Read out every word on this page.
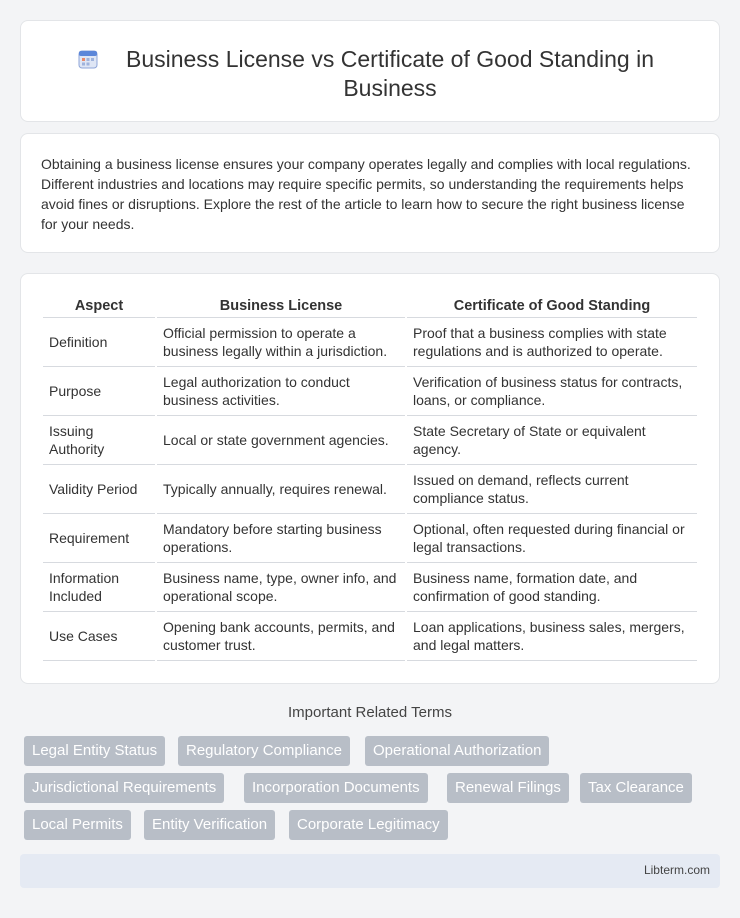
Business License vs Certificate of Good Standing in Business

Obtaining a business license ensures your company operates legally and complies with local regulations. Different industries and locations may require specific permits, so understanding the requirements helps avoid fines or disruptions. Explore the rest of the article to learn how to secure the right business license for your needs.

Aspect	Business License	Certificate of Good Standing
Definition	Official permission to operate a business legally within a jurisdiction.	Proof that a business complies with state regulations and is authorized to operate.
Purpose	Legal authorization to conduct business activities.	Verification of business status for contracts, loans, or compliance.
Issuing Authority	Local or state government agencies.	State Secretary of State or equivalent agency.
Validity Period	Typically annually, requires renewal.	Issued on demand, reflects current compliance status.
Requirement	Mandatory before starting business operations.	Optional, often requested during financial or legal transactions.
Information Included	Business name, type, owner info, and operational scope.	Business name, formation date, and confirmation of good standing.
Use Cases	Opening bank accounts, permits, and customer trust.	Loan applications, business sales, mergers, and legal matters.
Important Related Terms
Legal Entity Status	Regulatory Compliance	Operational Authorization
Jurisdictional Requirements	Incorporation Documents	Renewal Filings	Tax Clearance
Local Permits	Entity Verification	Corporate Legitimacy
Libterm.com
